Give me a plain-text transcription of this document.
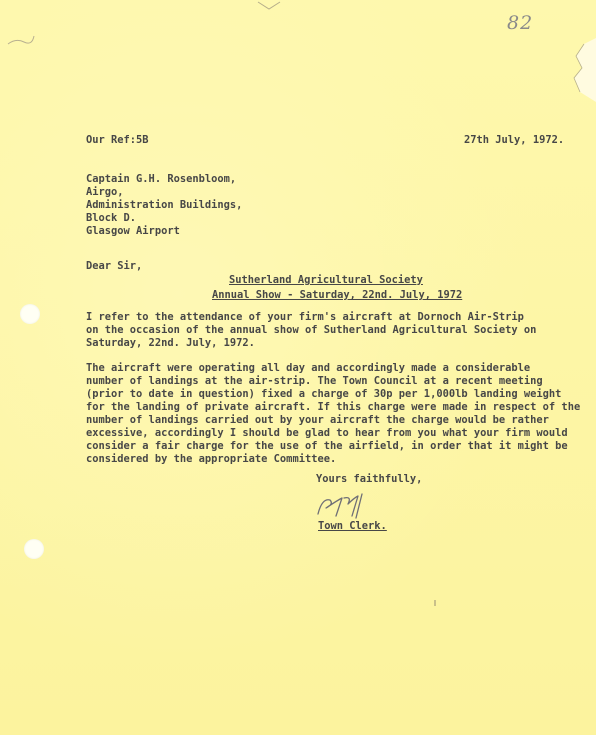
82
Our Ref:5B	27th July, 1972.
Captain G.H. Rosenbloom,
Airgo,
Administration Buildings,
Block D.
Glasgow Airport
Dear Sir,
Sutherland Agricultural Society
Annual Show - Saturday, 22nd. July, 1972
I refer to the attendance of your firm's aircraft at Dornoch Air-Strip
on the occasion of the annual show of Sutherland Agricultural Society on
Saturday, 22nd. July, 1972.
The aircraft were operating all day and accordingly made a considerable
number of landings at the air-strip. The Town Council at a recent meeting
(prior to date in question) fixed a charge of 30p per 1,000lb landing weight
for the landing of private aircraft. If this charge were made in respect of the
number of landings carried out by your aircraft the charge would be rather
excessive, accordingly I should be glad to hear from you what your firm would
consider a fair charge for the use of the airfield, in order that it might be
considered by the appropriate Committee.
Yours faithfully,
Town Clerk.
